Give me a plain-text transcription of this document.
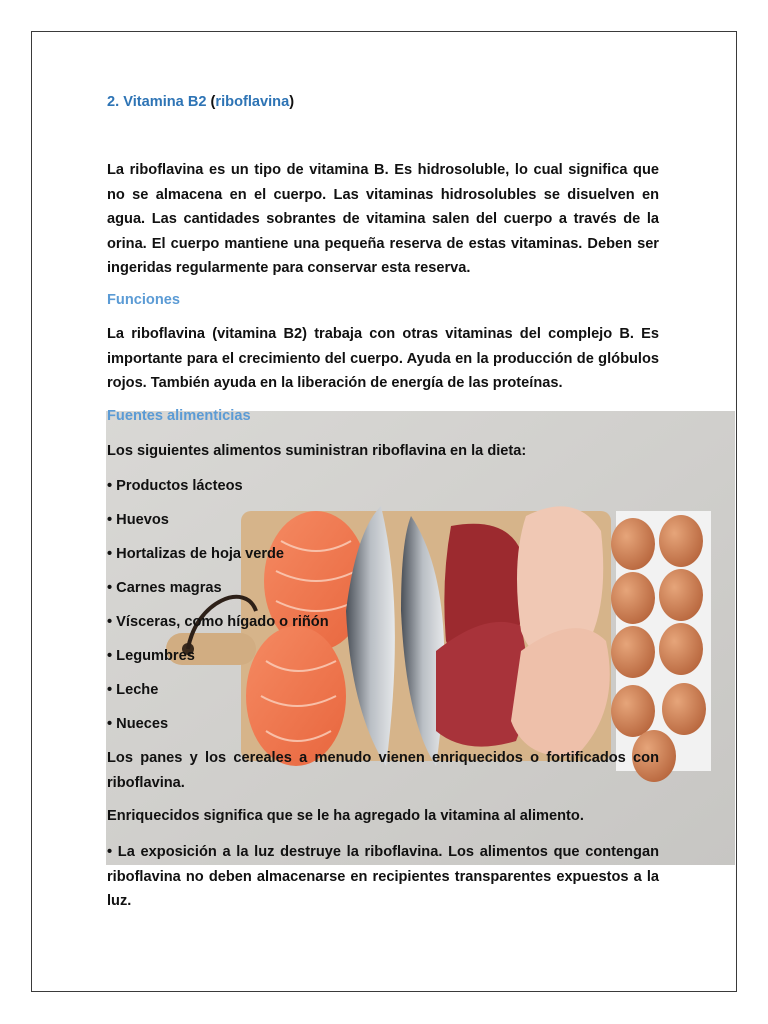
2. Vitamina B2 (riboflavina)
La riboflavina es un tipo de vitamina B. Es hidrosoluble, lo cual significa que no se almacena en el cuerpo. Las vitaminas hidrosolubles se disuelven en agua. Las cantidades sobrantes de vitamina salen del cuerpo a través de la orina. El cuerpo mantiene una pequeña reserva de estas vitaminas. Deben ser ingeridas regularmente para conservar esta reserva.
Funciones
La riboflavina (vitamina B2) trabaja con otras vitaminas del complejo B. Es importante para el crecimiento del cuerpo. Ayuda en la producción de glóbulos rojos. También ayuda en la liberación de energía de las proteínas.
Fuentes alimenticias
Los siguientes alimentos suministran riboflavina en la dieta:
• Productos lácteos
• Huevos
• Hortalizas de hoja verde
• Carnes magras
• Vísceras, como hígado o riñón
• Legumbres
• Leche
• Nueces
Los panes y los cereales a menudo vienen enriquecidos o fortificados con riboflavina.
Enriquecidos significa que se le ha agregado la vitamina al alimento.
• La exposición a la luz destruye la riboflavina. Los alimentos que contengan riboflavina no deben almacenarse en recipientes transparentes expuestos a la luz.
